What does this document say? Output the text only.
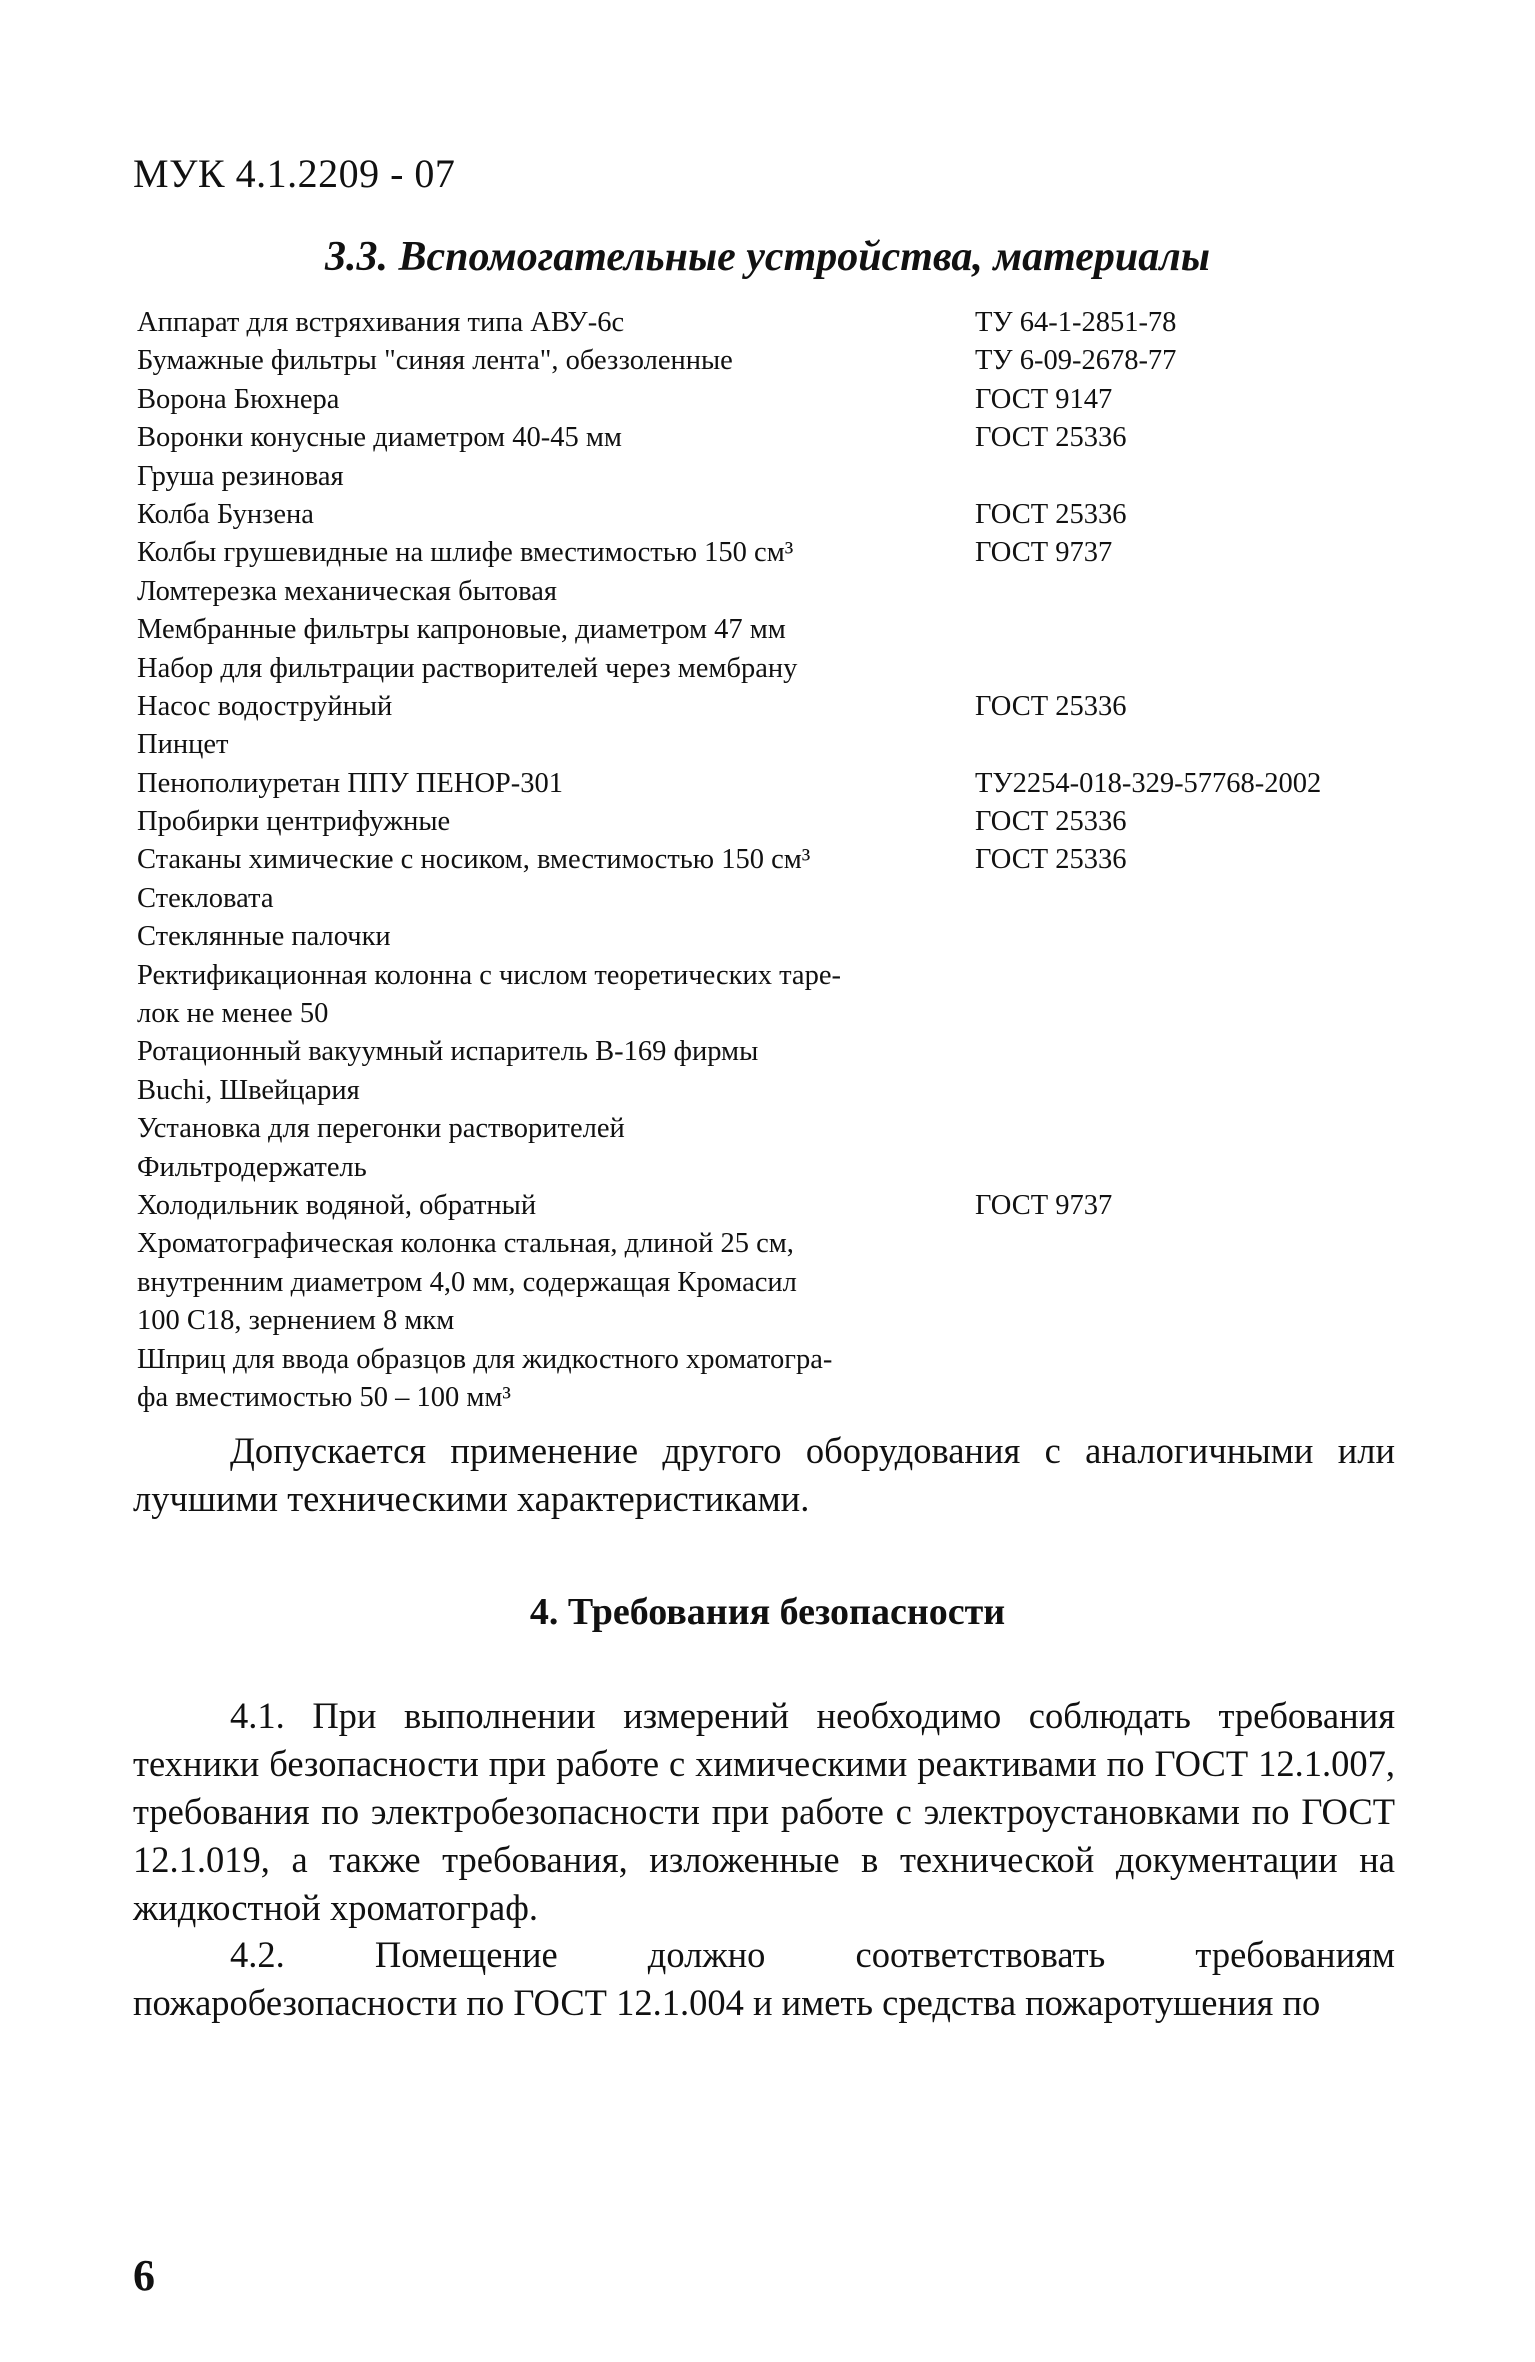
МУК 4.1.2209 - 07
3.3. Вспомогательные устройства, материалы
Аппарат для встряхивания типа АВУ-6с	ТУ 64-1-2851-78
Бумажные фильтры "синяя лента", обеззоленные	ТУ 6-09-2678-77
Ворона Бюхнера	ГОСТ 9147
Воронки конусные диаметром 40-45 мм	ГОСТ 25336
Груша резиновая
Колба Бунзена	ГОСТ 25336
Колбы грушевидные на шлифе вместимостью 150 см³	ГОСТ 9737
Ломтерезка механическая бытовая
Мембранные фильтры капроновые, диаметром 47 мм
Набор для фильтрации растворителей через мембрану
Насос водоструйный	ГОСТ 25336
Пинцет
Пенополиуретан ППУ ПЕНОР-301	ТУ2254-018-329-57768-2002
Пробирки центрифужные	ГОСТ 25336
Стаканы химические с носиком, вместимостью 150 см³	ГОСТ 25336
Стекловата
Стеклянные палочки
Ректификационная колонна с числом теоретических таре-
лок не менее 50
Ротационный вакуумный испаритель В-169 фирмы
Buchi, Швейцария
Установка для перегонки растворителей
Фильтродержатель
Холодильник водяной, обратный	ГОСТ 9737
Хроматографическая колонка стальная, длиной 25 см,
внутренним диаметром 4,0 мм, содержащая Кромасил
100 С18, зернением 8 мкм
Шприц для ввода образцов для жидкостного хроматогра-
фа вместимостью 50 – 100 мм³
Допускается применение другого оборудования с аналогичными или лучшими техническими характеристиками.
4. Требования безопасности
4.1. При выполнении измерений необходимо соблюдать требования техники безопасности при работе с химическими реактивами по ГОСТ 12.1.007, требования по электробезопасности при работе с электроустановками по ГОСТ 12.1.019, а также требования, изложенные в технической документации на жидкостной хроматограф.
4.2. Помещение должно соответствовать требованиям пожаробезопасности по ГОСТ 12.1.004 и иметь средства пожаротушения по
6
